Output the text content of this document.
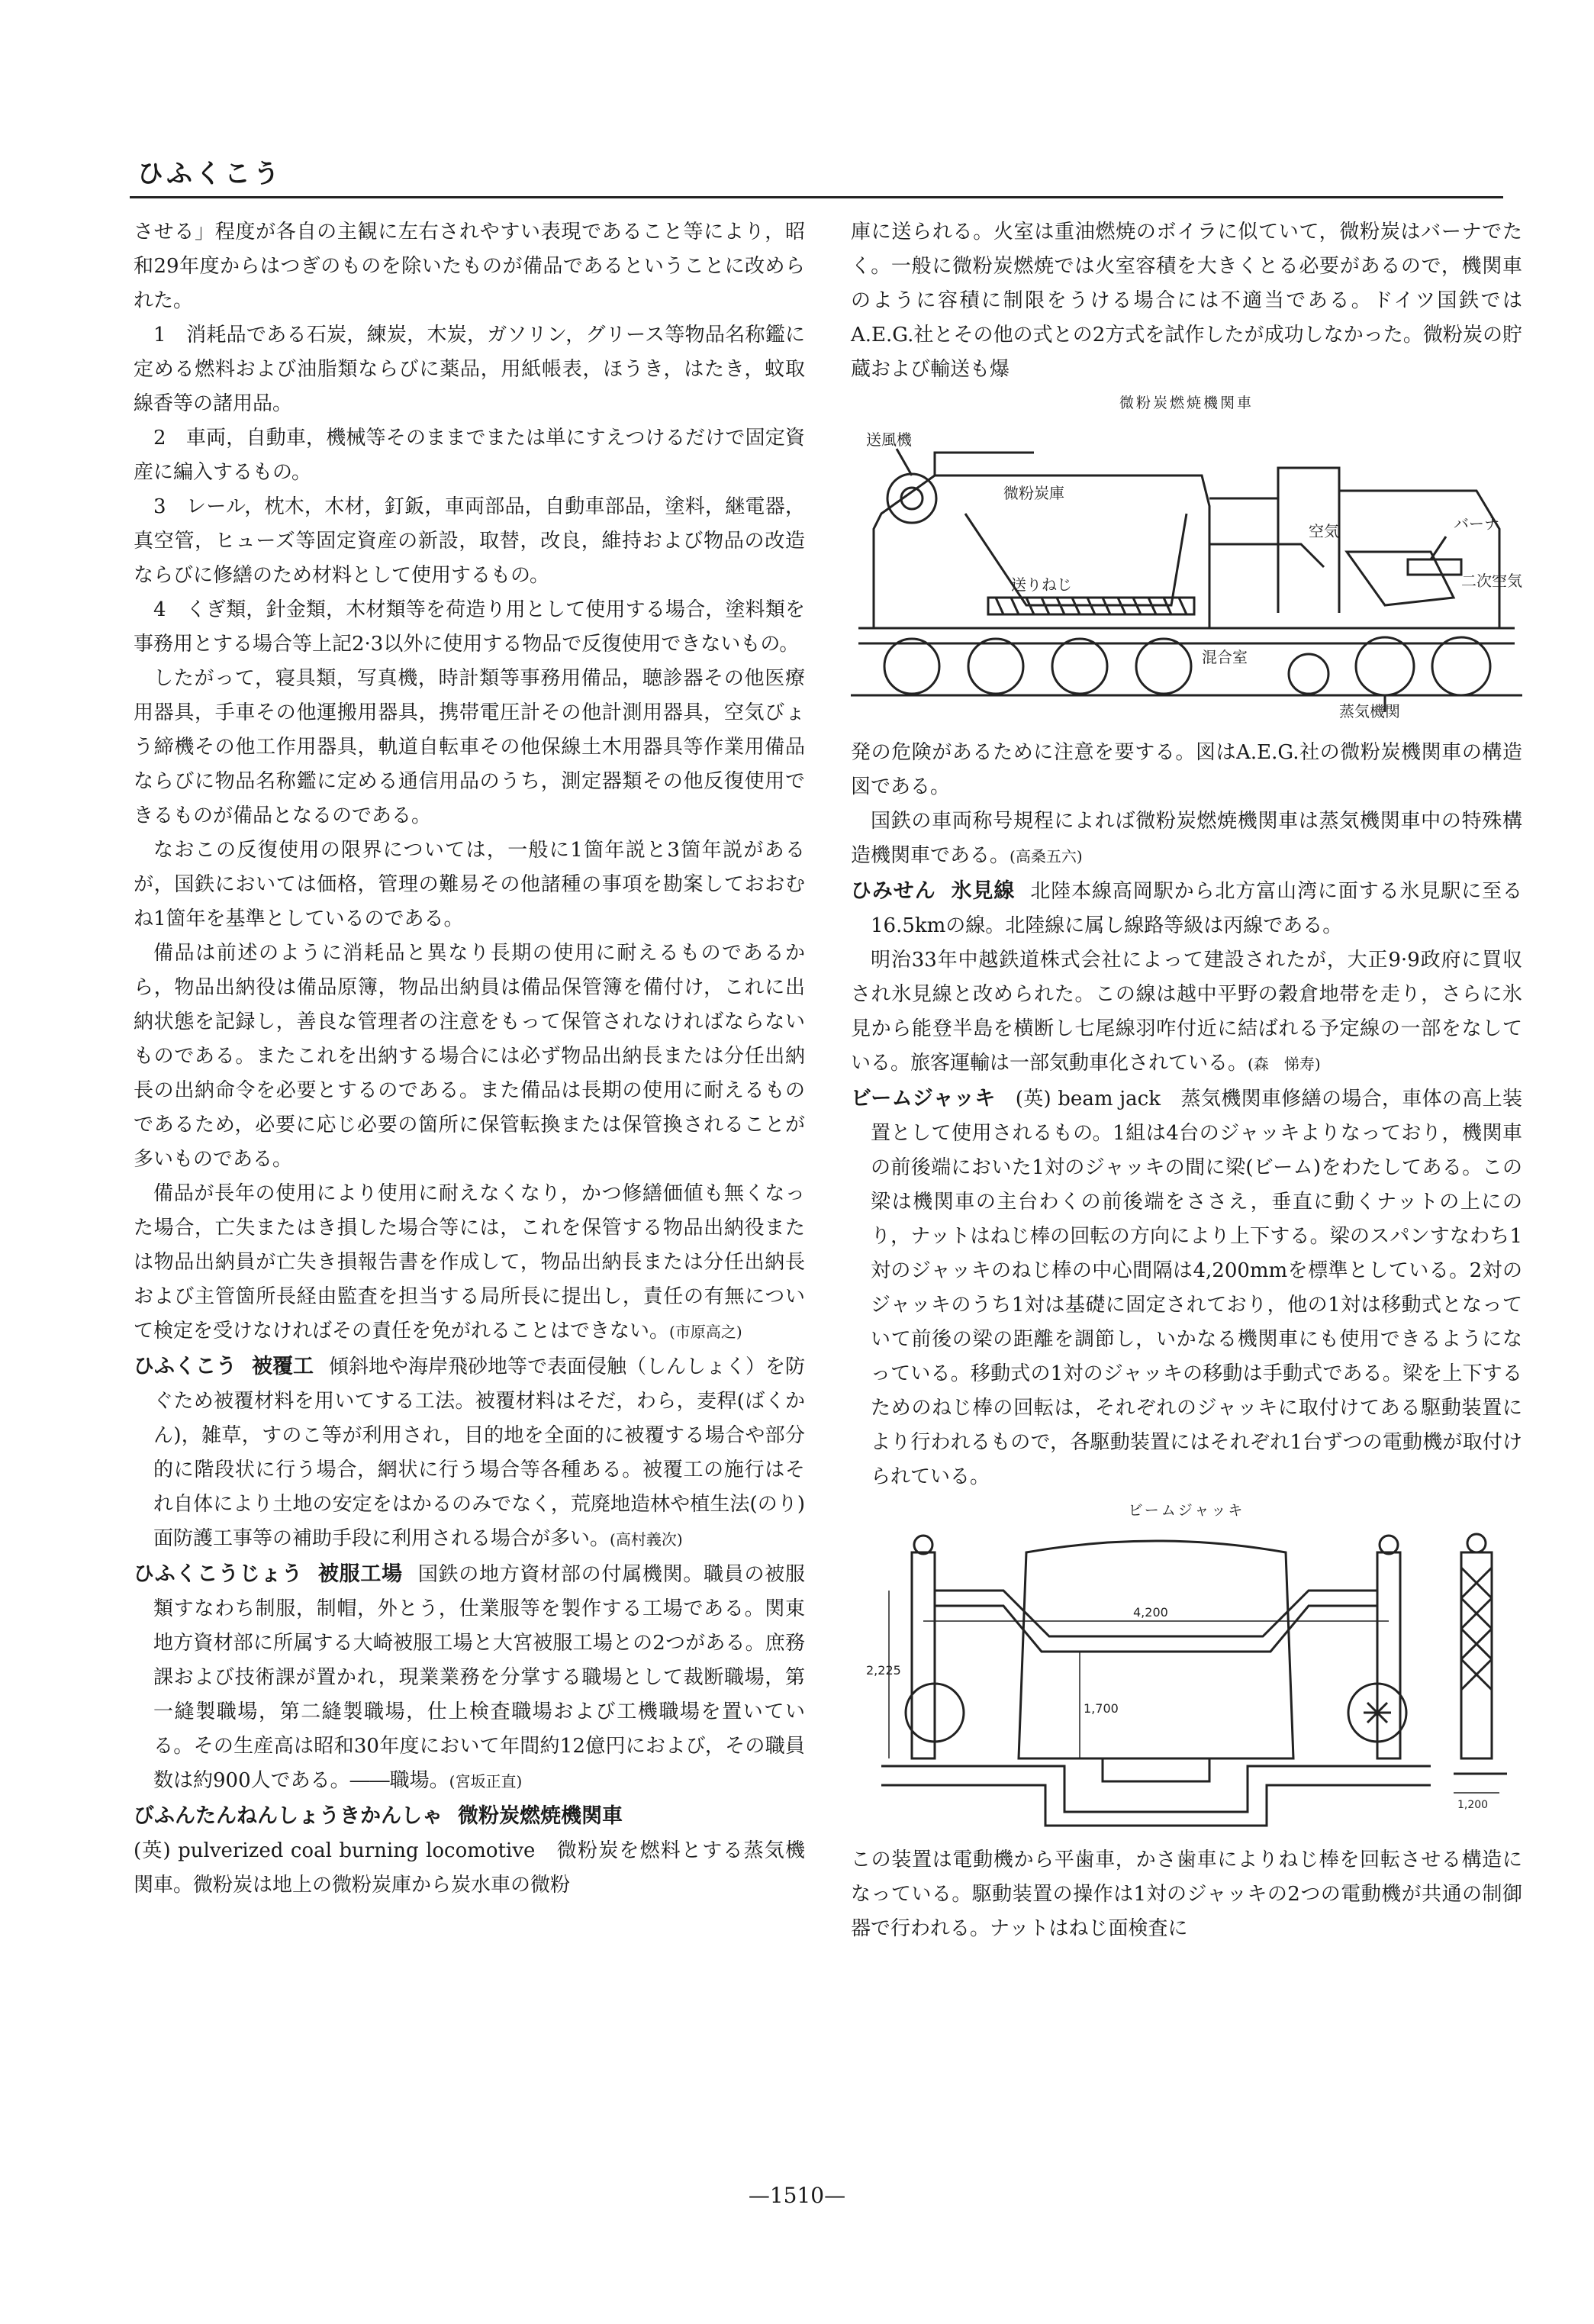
ひふくこう

させる」程度が各自の主観に左右されやすい表現であること等により，昭和29年度からはつぎのものを除いたものが備品であるということに改められた。

1　消耗品である石炭，練炭，木炭，ガソリン，グリース等物品名称鑑に定める燃料および油脂類ならびに薬品，用紙帳表，ほうき，はたき，蚊取線香等の諸用品。

2　車両，自動車，機械等そのままでまたは単にすえつけるだけで固定資産に編入するもの。

3　レール，枕木，木材，釘鈑，車両部品，自動車部品，塗料，継電器，真空管，ヒューズ等固定資産の新設，取替，改良，維持および物品の改造ならびに修繕のため材料として使用するもの。

4　くぎ類，針金類，木材類等を荷造り用として使用する場合，塗料類を事務用とする場合等上記2·3以外に使用する物品で反復使用できないもの。

したがって，寝具類，写真機，時計類等事務用備品，聴診器その他医療用器具，手車その他運搬用器具，携帯電圧計その他計測用器具，空気びょう締機その他工作用器具，軌道自転車その他保線土木用器具等作業用備品ならびに物品名称鑑に定める通信用品のうち，測定器類その他反復使用できるものが備品となるのである。

なおこの反復使用の限界については，一般に1箇年説と3箇年説があるが，国鉄においては価格，管理の難易その他諸種の事項を勘案しておおむね1箇年を基準としているのである。

備品は前述のように消耗品と異なり長期の使用に耐えるものであるから，物品出納役は備品原簿，物品出納員は備品保管簿を備付け，これに出納状態を記録し，善良な管理者の注意をもって保管されなければならないものである。またこれを出納する場合には必ず物品出納長または分任出納長の出納命令を必要とするのである。また備品は長期の使用に耐えるものであるため，必要に応じ必要の箇所に保管転換または保管換されることが多いものである。

備品が長年の使用により使用に耐えなくなり，かつ修繕価値も無くなった場合，亡失またはき損した場合等には，これを保管する物品出納役または物品出納員が亡失き損報告書を作成して，物品出納長または分任出納長および主管箇所長経由監査を担当する局所長に提出し，責任の有無について検定を受けなければその責任を免がれることはできない。(市原高之)

ひふくこう 被覆工 傾斜地や海岸飛砂地等で表面侵触（しんしょく）を防ぐため被覆材料を用いてする工法。被覆材料はそだ，わら，麦稈(ばくかん)，雑草，すのこ等が利用され，目的地を全面的に被覆する場合や部分的に階段状に行う場合，網状に行う場合等各種ある。被覆工の施行はそれ自体により土地の安定をはかるのみでなく，荒廃地造林や植生法(のり)面防護工事等の補助手段に利用される場合が多い。(高村義次)
ひふくこうじょう 被服工場 国鉄の地方資材部の付属機関。職員の被服類すなわち制服，制帽，外とう，仕業服等を製作する工場である。関東地方資材部に所属する大崎被服工場と大宮被服工場との2つがある。庶務課および技術課が置かれ，現業業務を分掌する職場として裁断職場，第一縫製職場，第二縫製職場，仕上検査職場および工機職場を置いている。その生産高は昭和30年度において年間約12億円におよび，その職員数は約900人である。――職場。(宮坂正直)
びふんたんねんしょうきかんしゃ 微粉炭燃焼機関車

(英) pulverized coal burning locomotive　微粉炭を燃料とする蒸気機関車。微粉炭は地上の微粉炭庫から炭水車の微粉

庫に送られる。火室は重油燃焼のボイラに似ていて，微粉炭はバーナでたく。一般に微粉炭燃焼では火室容積を大きくとる必要があるので，機関車のように容積に制限をうける場合には不適当である。ドイツ国鉄ではA.E.G.社とその他の式との2方式を試作したが成功しなかった。微粉炭の貯蔵および輸送も爆

微粉炭燃焼機関車
送風機
微粉炭庫
送りねじ
空気	バーナ
二次空気
混合室
蒸気機関

発の危険があるために注意を要する。図はA.E.G.社の微粉炭機関車の構造図である。

国鉄の車両称号規程によれば微粉炭燃焼機関車は蒸気機関車中の特殊構造機関車である。(高桑五六)

ひみせん 氷見線 北陸本線高岡駅から北方富山湾に面する氷見駅に至る16.5kmの線。北陸線に属し線路等級は丙線である。

明治33年中越鉄道株式会社によって建設されたが，大正9·9政府に買収され氷見線と改められた。この線は越中平野の穀倉地帯を走り，さらに氷見から能登半島を横断し七尾線羽咋付近に結ばれる予定線の一部をなしている。旅客運輸は一部気動車化されている。(森　悌寿)

ビームジャッキ  (英) beam jack　蒸気機関車修繕の場合，車体の高上装置として使用されるもの。1組は4台のジャッキよりなっており，機関車の前後端においた1対のジャッキの間に梁(ビーム)をわたしてある。この梁は機関車の主台わくの前後端をささえ，垂直に動くナットの上にのり，ナットはねじ棒の回転の方向により上下する。梁のスパンすなわち1対のジャッキのねじ棒の中心間隔は4,200mmを標準としている。2対のジャッキのうち1対は基礎に固定されており，他の1対は移動式となっていて前後の梁の距離を調節し，いかなる機関車にも使用できるようになっている。移動式の1対のジャッキの移動は手動式である。梁を上下するためのねじ棒の回転は，それぞれのジャッキに取付けてある駆動装置により行われるもので，各駆動装置にはそれぞれ1台ずつの電動機が取付けられている。
ビームジャッキ
4,200
2,225
1,700
1,200

この装置は電動機から平歯車，かさ歯車によりねじ棒を回転させる構造になっている。駆動装置の操作は1対のジャッキの2つの電動機が共通の制御器で行われる。ナットはねじ面検査に

—1510—
